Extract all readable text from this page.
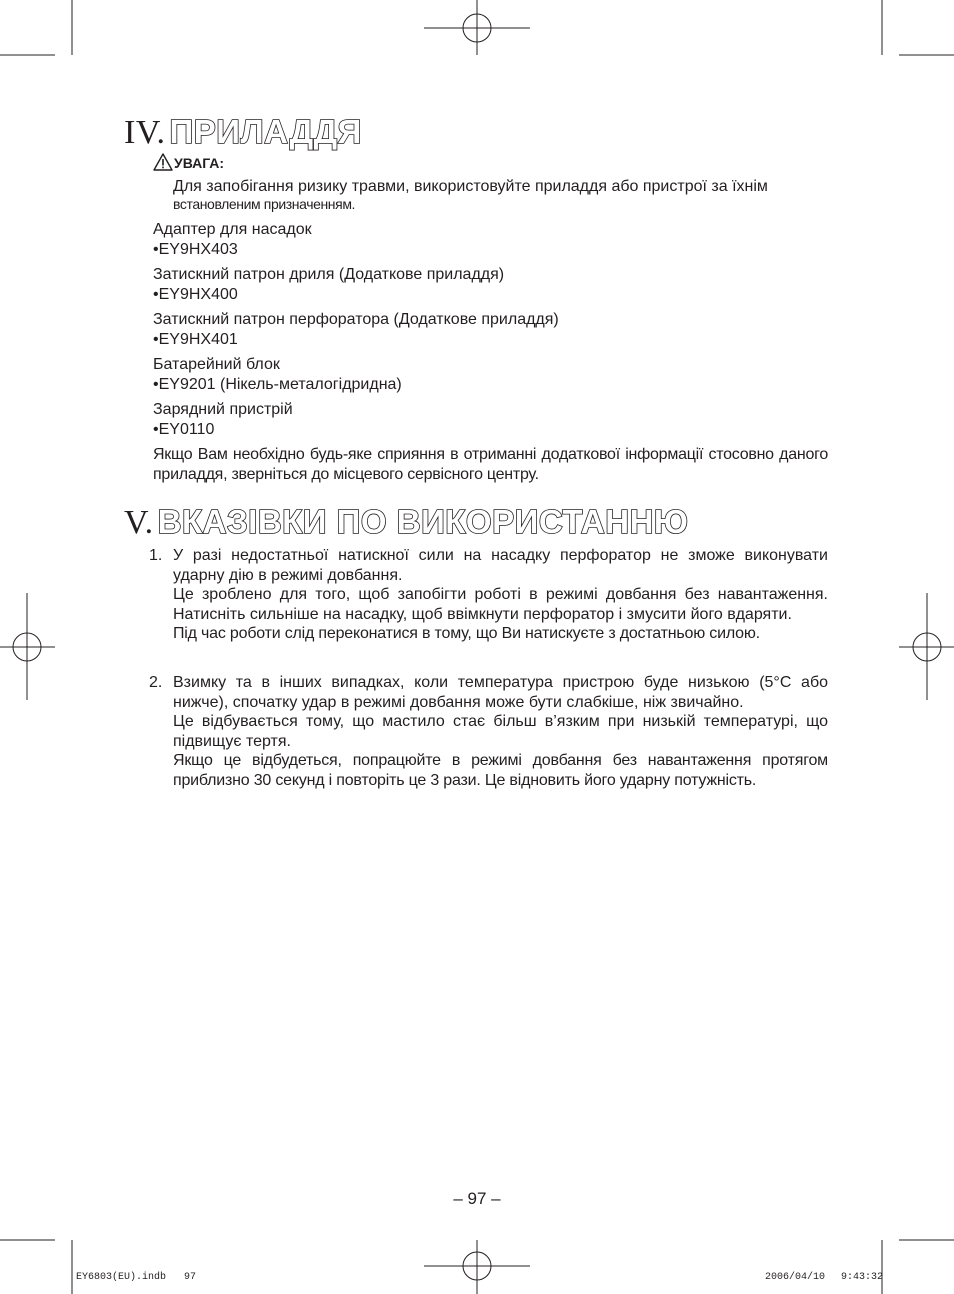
IV. ПРИЛАДДЯ
УВАГА:
Для запобігання ризику травми, використовуйте приладдя або пристрої за їхнім
встановленим призначенням.
Адаптер для насадок
•EY9HX403
Затискний патрон дриля (Додаткове приладдя)
•EY9HX400
Затискний патрон перфоратора (Додаткове приладдя)
•EY9HX401
Батарейний блок
•EY9201 (Нікель-металогідридна)
Зарядний пристрій
•EY0110
Якщо Вам необхідно будь-яке сприяння в отриманні додаткової інформації стосовно даного приладдя, зверніться до місцевого сервісного центру.
V. ВКАЗІВКИ ПО ВИКОРИСТАННЮ
1. У разі недостатньої натискної сили на насадку перфоратор не зможе виконувати ударну дію в режимі довбання.
Це зроблено для того, щоб запобігти роботі в режимі довбання без навантаження. Натисніть сильніше на насадку, щоб ввімкнути перфоратор і змусити його вдаряти.
Під час роботи слід переконатися в тому, що Ви натискуєте з достатньою силою.
2. Взимку та в інших випадках, коли температура пристрою буде низькою (5°C або нижче), спочатку удар в режимі довбання може бути слабкіше, ніж звичайно.
Це відбувається тому, що мастило стає більш в’язким при низькій температурі, що підвищує тертя.
Якщо це відбудеться, попрацюйте в режимі довбання без навантаження протягом приблизно 30 секунд і повторіть це 3 рази. Це відновить його ударну потужність.
– 97 –
EY6803(EU).indb 97	2006/04/10 9:43:32
